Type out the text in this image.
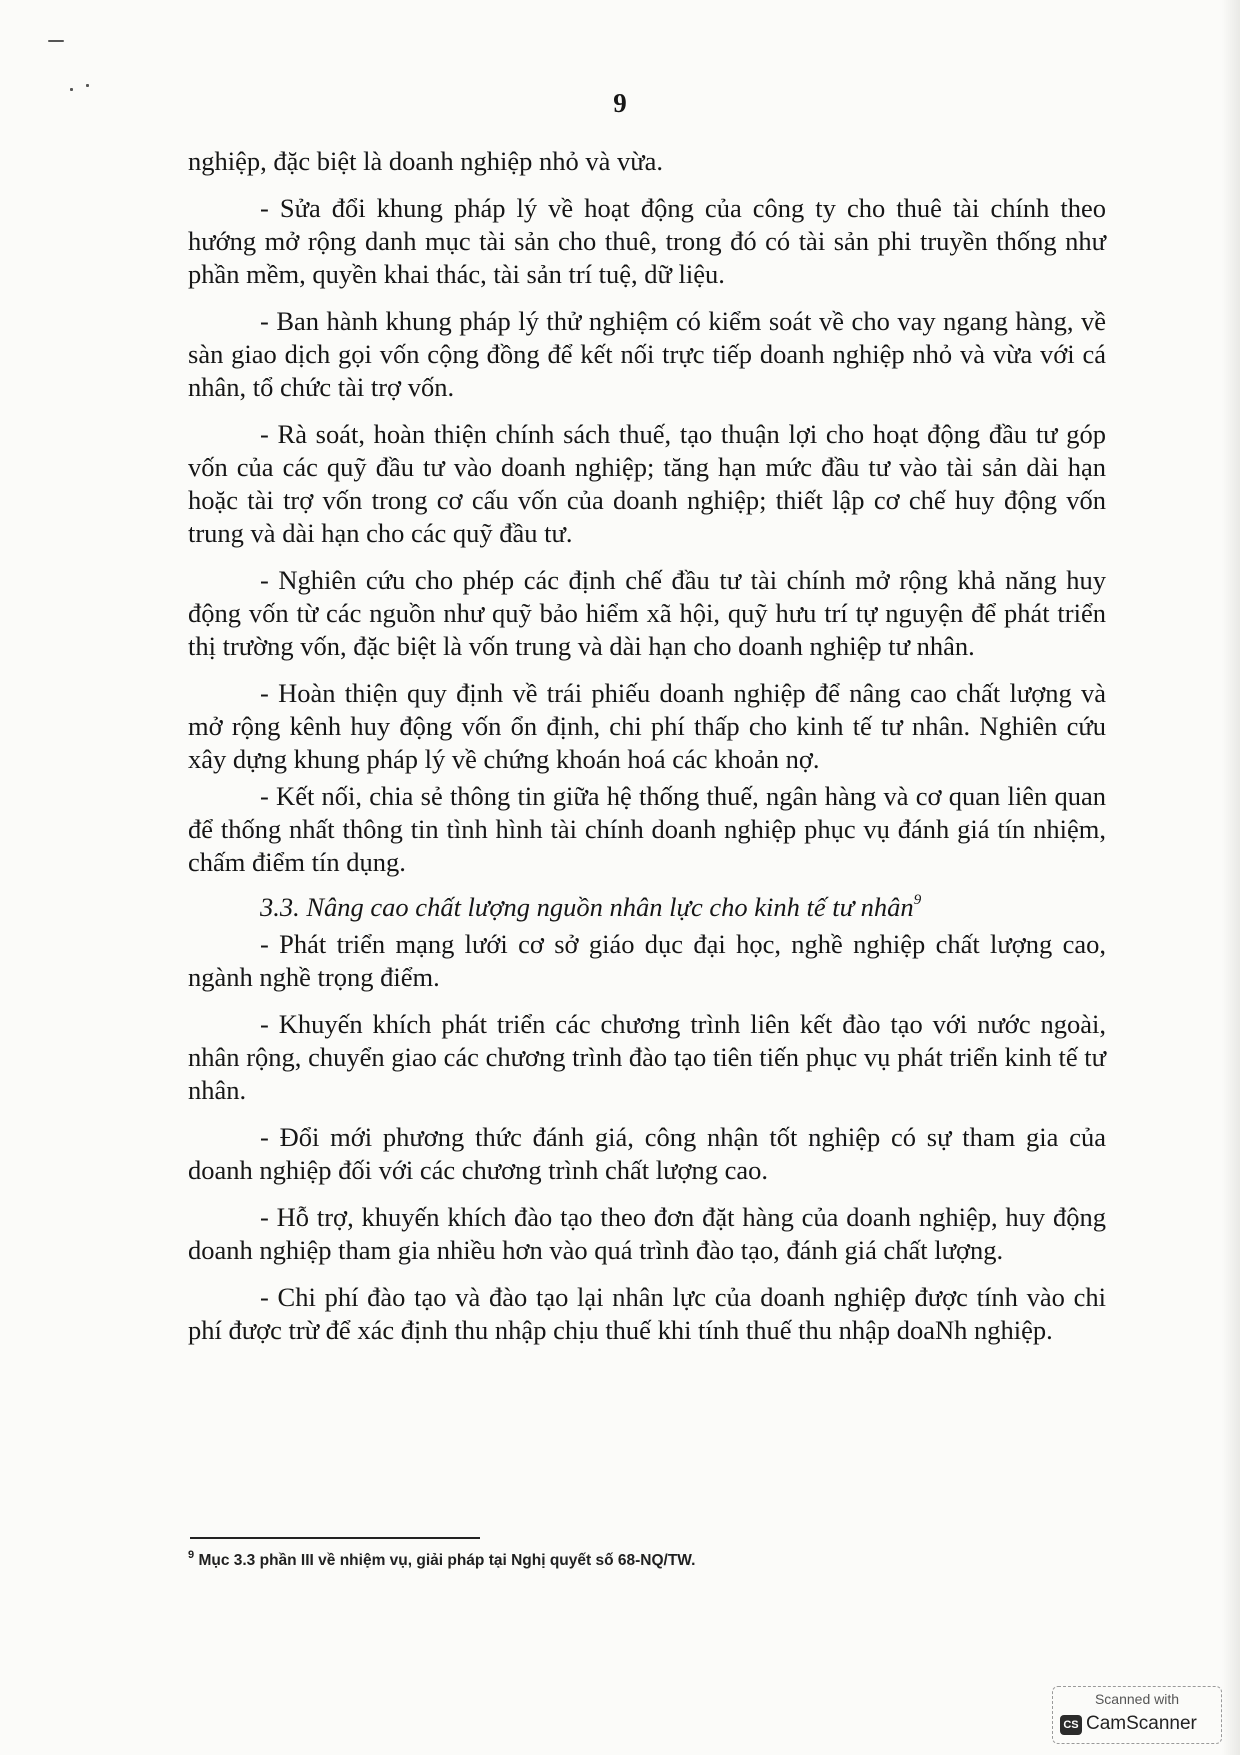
9

nghiệp, đặc biệt là doanh nghiệp nhỏ và vừa.

- Sửa đổi khung pháp lý về hoạt động của công ty cho thuê tài chính theo hướng mở rộng danh mục tài sản cho thuê, trong đó có tài sản phi truyền thống như phần mềm, quyền khai thác, tài sản trí tuệ, dữ liệu.

- Ban hành khung pháp lý thử nghiệm có kiểm soát về cho vay ngang hàng, về sàn giao dịch gọi vốn cộng đồng để kết nối trực tiếp doanh nghiệp nhỏ và vừa với cá nhân, tổ chức tài trợ vốn.

- Rà soát, hoàn thiện chính sách thuế, tạo thuận lợi cho hoạt động đầu tư góp vốn của các quỹ đầu tư vào doanh nghiệp; tăng hạn mức đầu tư vào tài sản dài hạn hoặc tài trợ vốn trong cơ cấu vốn của doanh nghiệp; thiết lập cơ chế huy động vốn trung và dài hạn cho các quỹ đầu tư.

- Nghiên cứu cho phép các định chế đầu tư tài chính mở rộng khả năng huy động vốn từ các nguồn như quỹ bảo hiểm xã hội, quỹ hưu trí tự nguyện để phát triển thị trường vốn, đặc biệt là vốn trung và dài hạn cho doanh nghiệp tư nhân.

- Hoàn thiện quy định về trái phiếu doanh nghiệp để nâng cao chất lượng và mở rộng kênh huy động vốn ổn định, chi phí thấp cho kinh tế tư nhân. Nghiên cứu xây dựng khung pháp lý về chứng khoán hoá các khoản nợ.

- Kết nối, chia sẻ thông tin giữa hệ thống thuế, ngân hàng và cơ quan liên quan để thống nhất thông tin tình hình tài chính doanh nghiệp phục vụ đánh giá tín nhiệm, chấm điểm tín dụng.

3.3. Nâng cao chất lượng nguồn nhân lực cho kinh tế tư nhân$^9$

- Phát triển mạng lưới cơ sở giáo dục đại học, nghề nghiệp chất lượng cao, ngành nghề trọng điểm.

- Khuyến khích phát triển các chương trình liên kết đào tạo với nước ngoài, nhân rộng, chuyển giao các chương trình đào tạo tiên tiến phục vụ phát triển kinh tế tư nhân.

- Đổi mới phương thức đánh giá, công nhận tốt nghiệp có sự tham gia của doanh nghiệp đối với các chương trình chất lượng cao.

- Hỗ trợ, khuyến khích đào tạo theo đơn đặt hàng của doanh nghiệp, huy động doanh nghiệp tham gia nhiều hơn vào quá trình đào tạo, đánh giá chất lượng.

- Chi phí đào tạo và đào tạo lại nhân lực của doanh nghiệp được tính vào chi phí được trừ để xác định thu nhập chịu thuế khi tính thuế thu nhập doaNh nghiệp.

$^9$ Mục 3.3 phần III về nhiệm vụ, giải pháp tại Nghị quyết số 68-NQ/TW.
Scanned with
CS CamScanner
